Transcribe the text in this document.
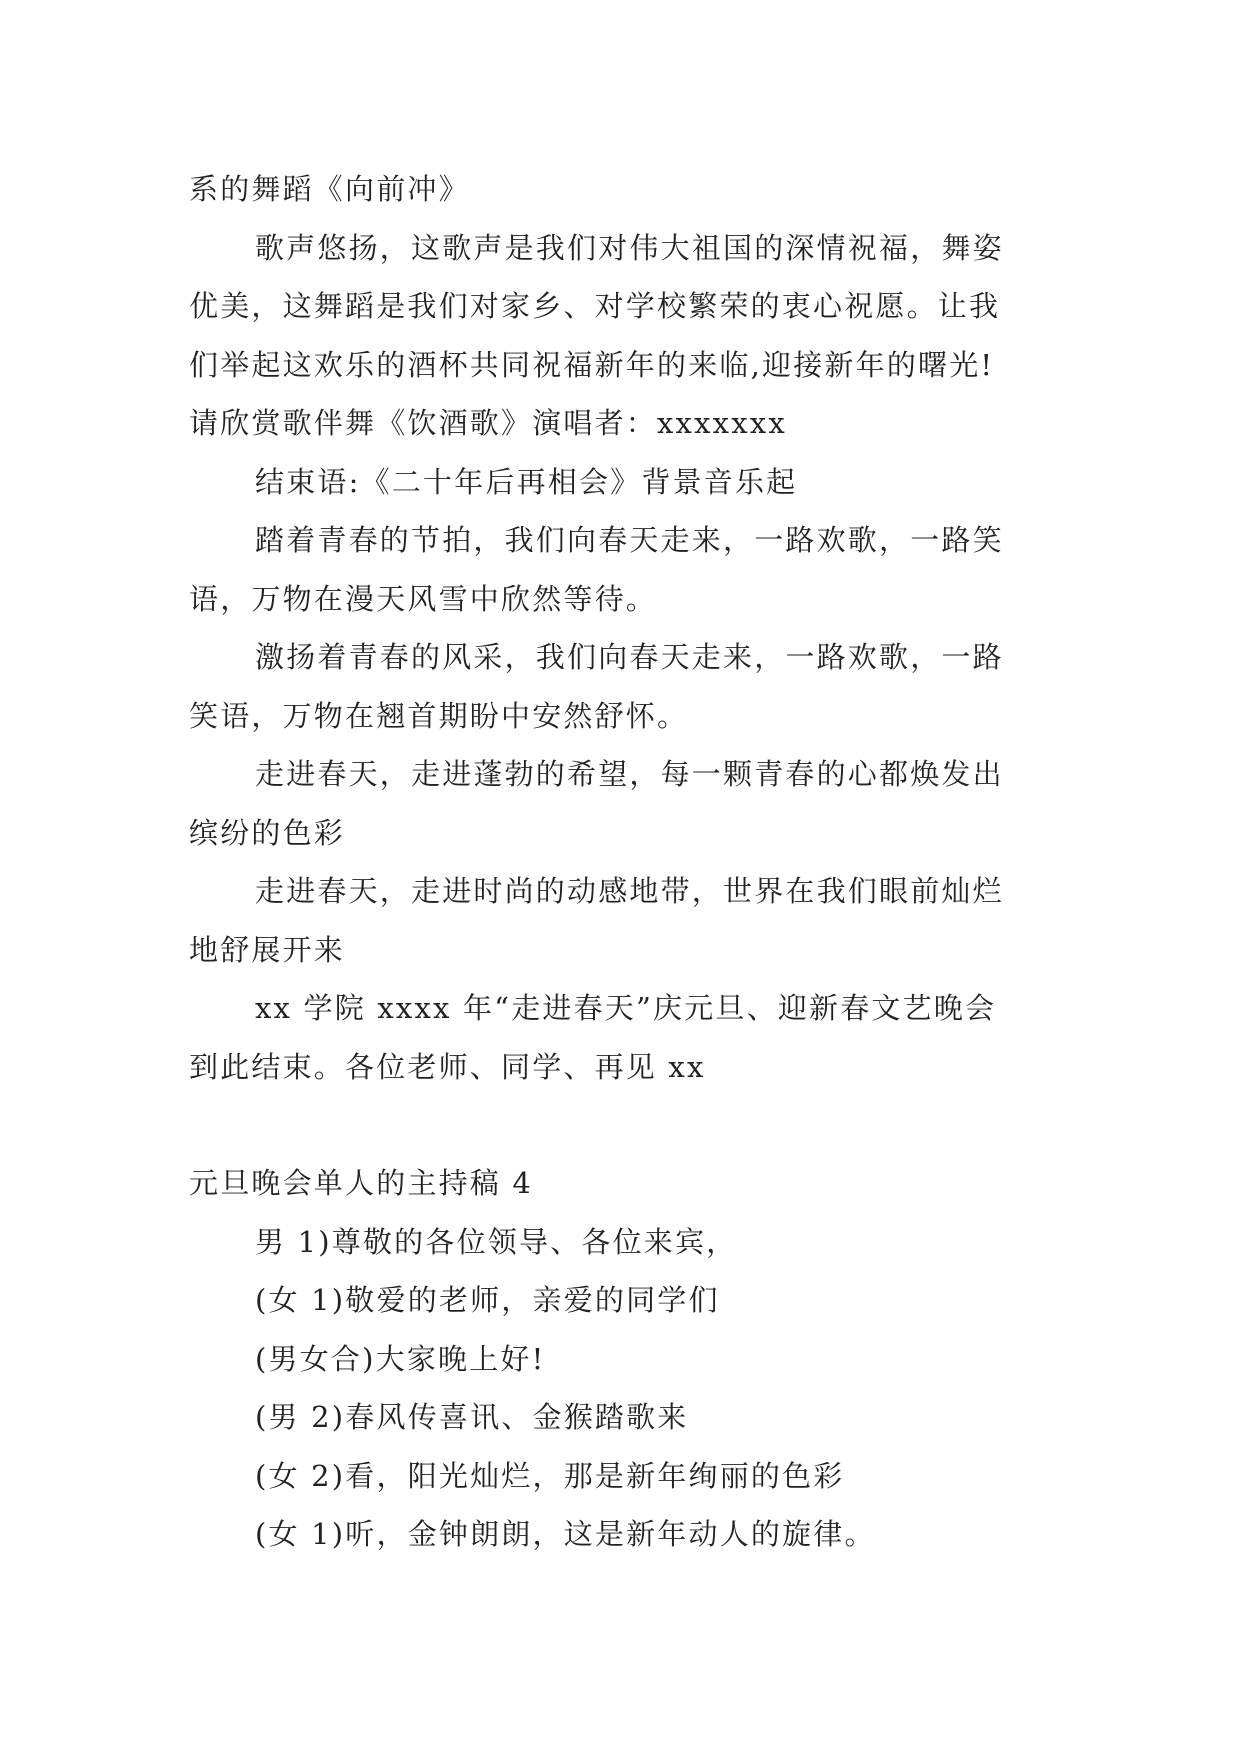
系的舞蹈《向前冲》
歌声悠扬，这歌声是我们对伟大祖国的深情祝福，舞姿
优美，这舞蹈是我们对家乡、对学校繁荣的衷心祝愿。让我
们举起这欢乐的酒杯共同祝福新年的来临,迎接新年的曙光!
请欣赏歌伴舞《饮酒歌》演唱者：xxxxxxx
结束语:《二十年后再相会》背景音乐起
踏着青春的节拍，我们向春天走来，一路欢歌，一路笑
语，万物在漫天风雪中欣然等待。
激扬着青春的风采，我们向春天走来，一路欢歌，一路
笑语，万物在翘首期盼中安然舒怀。
走进春天，走进蓬勃的希望，每一颗青春的心都焕发出
缤纷的色彩
走进春天，走进时尚的动感地带，世界在我们眼前灿烂
地舒展开来
xx 学院 xxxx 年“走进春天”庆元旦、迎新春文艺晚会
到此结束。各位老师、同学、再见 xx
元旦晚会单人的主持稿 4
男 1)尊敬的各位领导、各位来宾，
(女 1)敬爱的老师，亲爱的同学们
(男女合)大家晚上好!
(男 2)春风传喜讯、金猴踏歌来
(女 2)看，阳光灿烂，那是新年绚丽的色彩
(女 1)听，金钟朗朗，这是新年动人的旋律。
